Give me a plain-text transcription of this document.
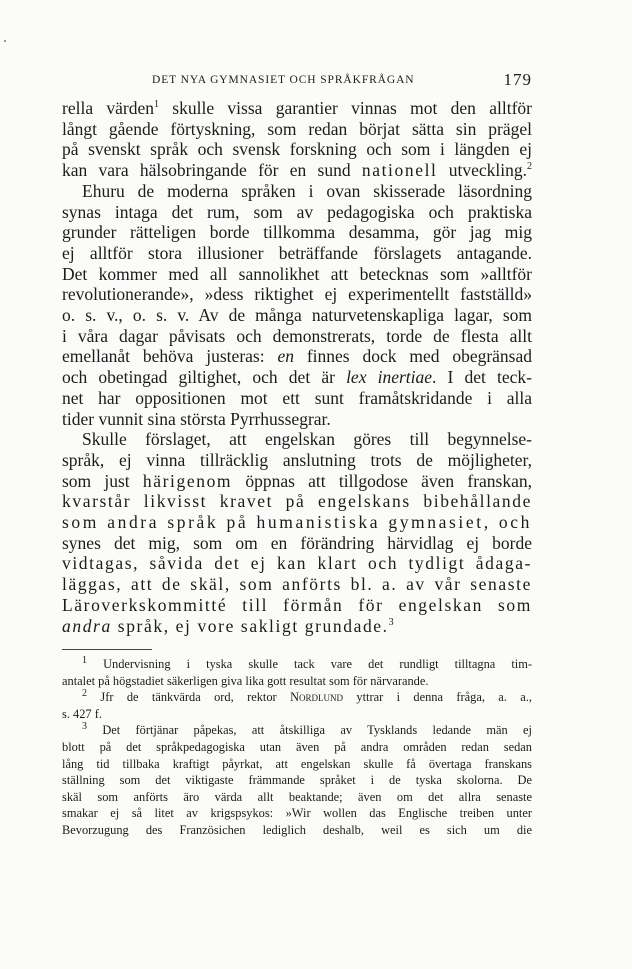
DET NYA GYMNASIET OCH SPRÅKFRÅGAN	179
rella värden$^1$ skulle vissa garantier vinnas mot den alltför
långt gående förtyskning, som redan börjat sätta sin prägel
på svenskt språk och svensk forskning och som i längden ej
kan vara hälsobringande för en sund nationell utveckling.$^2$
Ehuru de moderna språken i ovan skisserade läsordning
synas intaga det rum, som av pedagogiska och praktiska
grunder rätteligen borde tillkomma desamma, gör jag mig
ej alltför stora illusioner beträffande förslagets antagande.
Det kommer med all sannolikhet att betecknas som »alltför
revolutionerande», »dess riktighet ej experimentellt fastställd»
o. s. v., o. s. v. Av de många naturvetenskapliga lagar, som
i våra dagar påvisats och demonstrerats, torde de flesta allt
emellanåt behöva justeras: en finnes dock med obegränsad
och obetingad giltighet, och det är lex inertiae. I det teck-
net har oppositionen mot ett sunt framåtskridande i alla
tider vunnit sina största Pyrrhussegrar.
Skulle förslaget, att engelskan göres till begynnelse-
språk, ej vinna tillräcklig anslutning trots de möjligheter,
som just härigenom öppnas att tillgodose även franskan,
kvarstår likvisst kravet på engelskans bibehållande
som andra språk på humanistiska gymnasiet, och
synes det mig, som om en förändring härvidlag ej borde
vidtagas, såvida det ej kan klart och tydligt ådaga-
läggas, att de skäl, som anförts bl. a. av vår senaste
Läroverkskommitté till förmån för engelskan som
andra språk, ej vore sakligt grundade.$^3$
$^1$ Undervisning i tyska skulle tack vare det rundligt tilltagna tim-
antalet på högstadiet säkerligen giva lika gott resultat som för närvarande.
$^2$ Jfr de tänkvärda ord, rektor Nordlund yttrar i denna fråga, a. a.,
s. 427 f.
$^3$ Det förtjänar påpekas, att åtskilliga av Tysklands ledande män ej
blott på det språkpedagogiska utan även på andra områden redan sedan
lång tid tillbaka kraftigt påyrkat, att engelskan skulle få övertaga franskans
ställning som det viktigaste främmande språket i de tyska skolorna. De
skäl som anförts äro värda allt beaktande; även om det allra senaste
smakar ej så litet av krigspsykos: »Wir wollen das Englische treiben unter
Bevorzugung des Französichen lediglich deshalb, weil es sich um die
